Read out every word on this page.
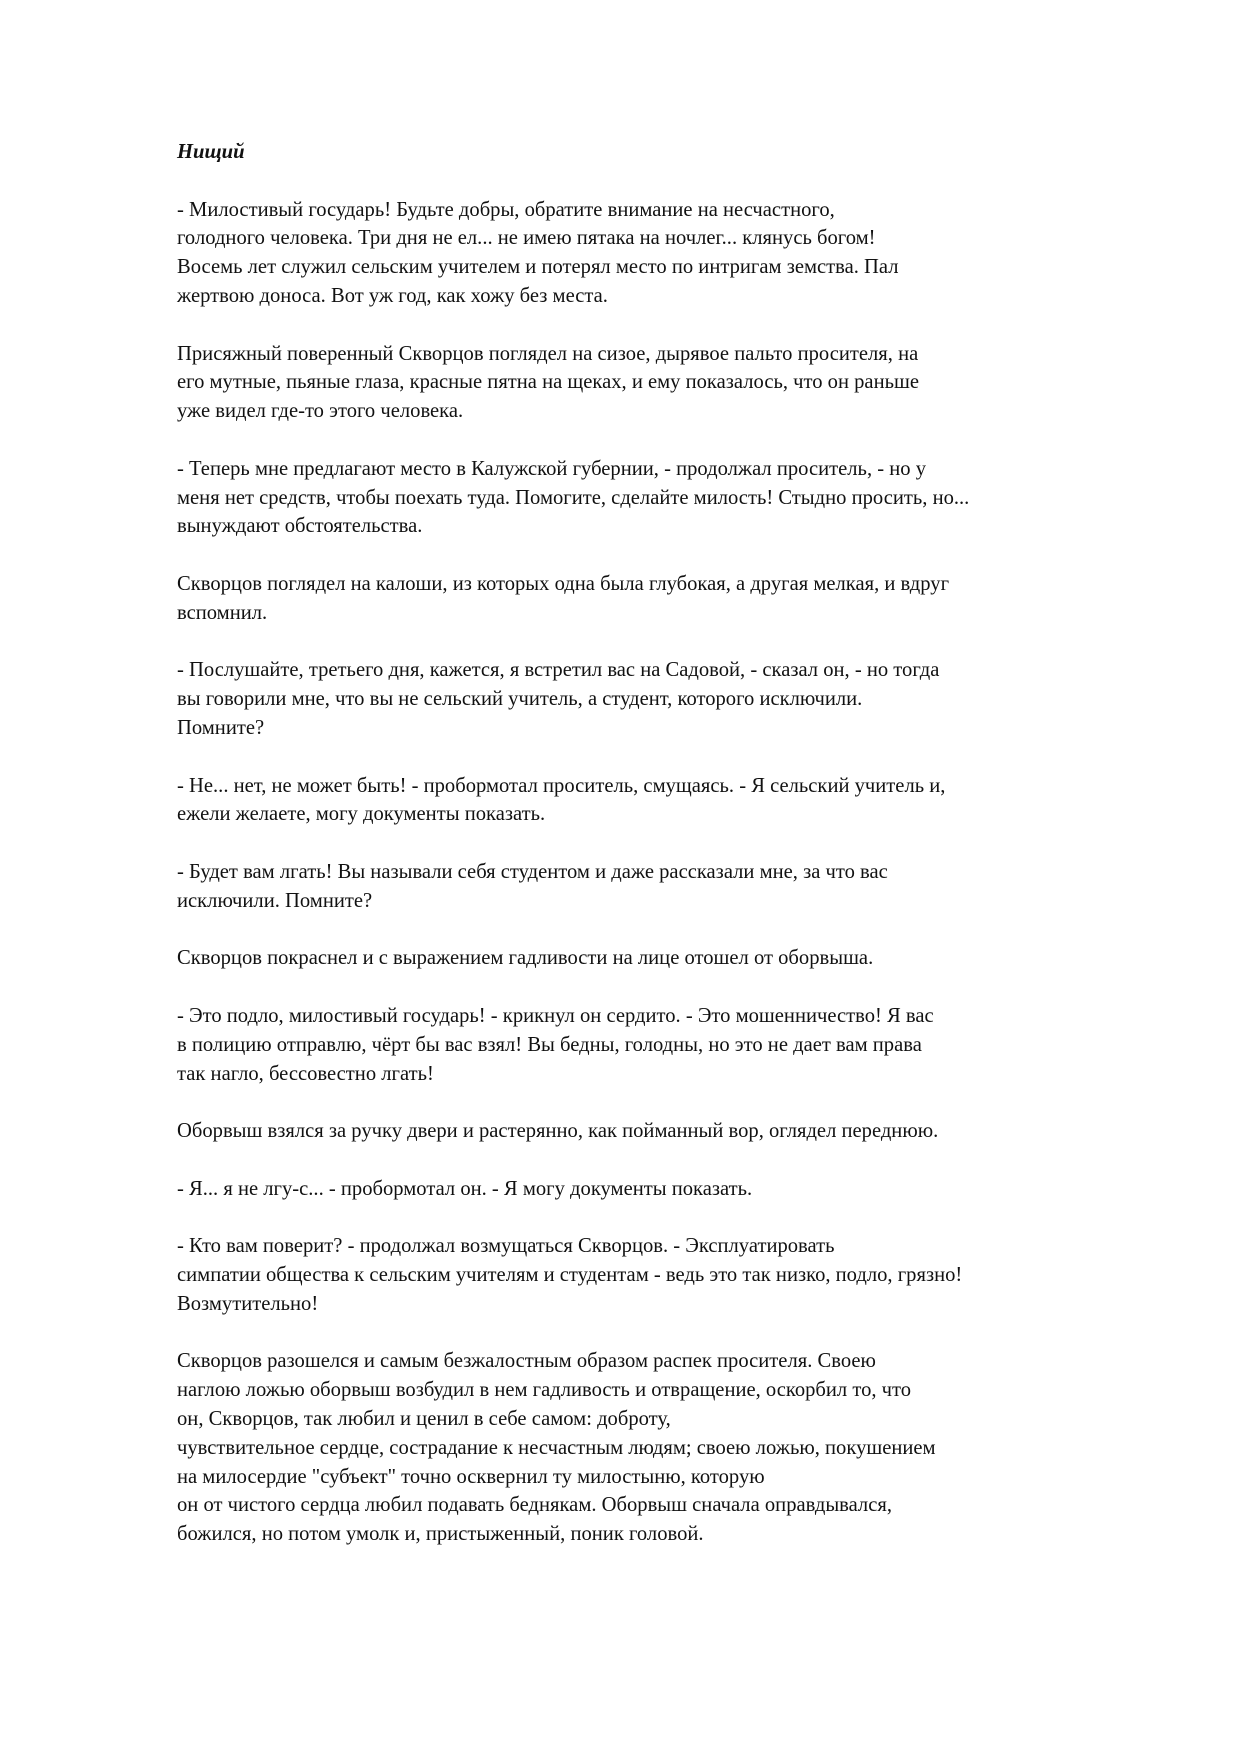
Нищий
- Милостивый государь! Будьте добры, обратите внимание на несчастного,
голодного человека. Три дня не ел... не имею пятака на ночлег... клянусь богом!
Восемь лет служил сельским учителем и потерял место по интригам земства. Пал
жертвою доноса. Вот уж год, как хожу без места.
Присяжный поверенный Скворцов поглядел на сизое, дырявое пальто просителя, на
его мутные, пьяные глаза, красные пятна на щеках, и ему показалось, что он раньше
уже видел где-то этого человека.
- Теперь мне предлагают место в Калужской губернии, - продолжал проситель, - но у
меня нет средств, чтобы поехать туда. Помогите, сделайте милость! Стыдно просить, но...
вынуждают обстоятельства.
Скворцов поглядел на калоши, из которых одна была глубокая, а другая мелкая, и вдруг
вспомнил.
- Послушайте, третьего дня, кажется, я встретил вас на Садовой, - сказал он, - но тогда
вы говорили мне, что вы не сельский учитель, а студент, которого исключили.
Помните?
- Не... нет, не может быть! - пробормотал проситель, смущаясь. - Я сельский учитель и,
ежели желаете, могу документы показать.
- Будет вам лгать! Вы называли себя студентом и даже рассказали мне, за что вас
исключили. Помните?
Скворцов покраснел и с выражением гадливости на лице отошел от оборвыша.
- Это подло, милостивый государь! - крикнул он сердито. - Это мошенничество! Я вас
в полицию отправлю, чёрт бы вас взял! Вы бедны, голодны, но это не дает вам права
так нагло, бессовестно лгать!
Оборвыш взялся за ручку двери и растерянно, как пойманный вор, оглядел переднюю.
- Я... я не лгу-с... - пробормотал он. - Я могу документы показать.
- Кто вам поверит? - продолжал возмущаться Скворцов. - Эксплуатировать
симпатии общества к сельским учителям и студентам - ведь это так низко, подло, грязно!
Возмутительно!
Скворцов разошелся и самым безжалостным образом распек просителя. Своею
наглою ложью оборвыш возбудил в нем гадливость и отвращение, оскорбил то, что
он, Скворцов, так любил и ценил в себе самом: доброту,
чувствительное сердце, сострадание к несчастным людям; своею ложью, покушением
на милосердие "субъект" точно осквернил ту милостыню, которую
он от чистого сердца любил подавать беднякам. Оборвыш сначала оправдывался,
божился, но потом умолк и, пристыженный, поник головой.
